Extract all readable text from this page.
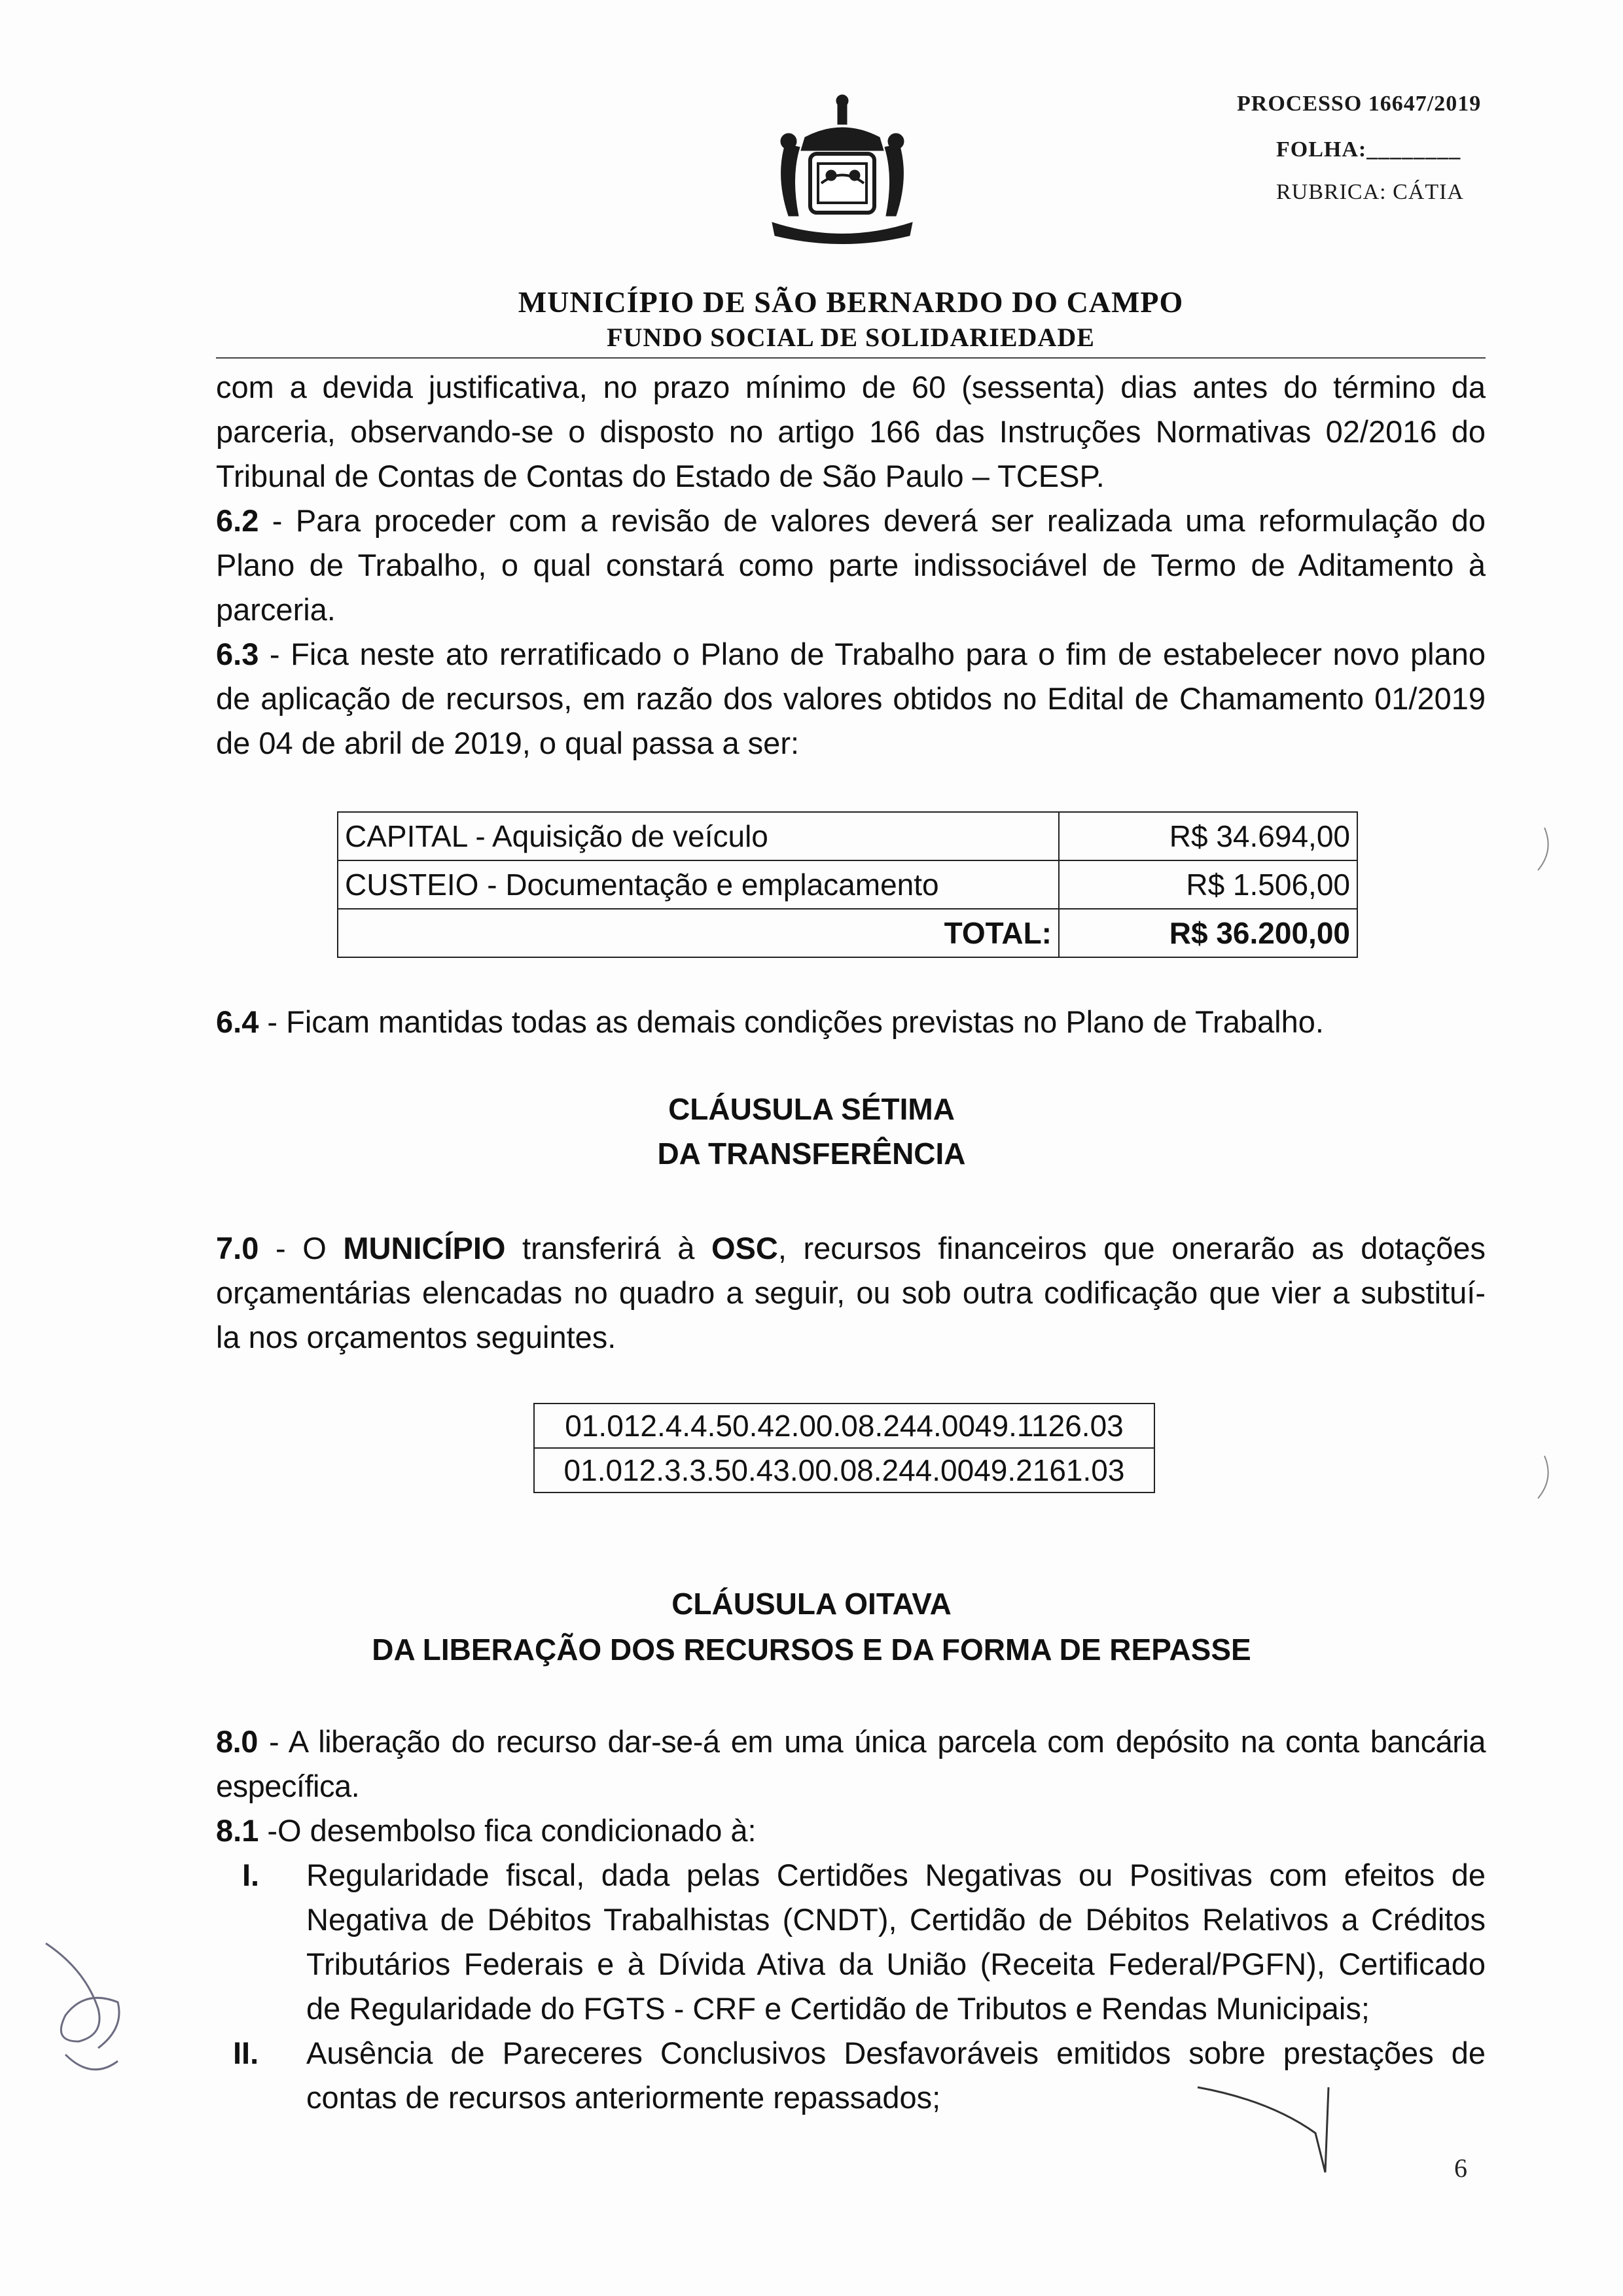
PROCESSO 16647/2019
FOLHA:________
RUBRICA: CÁTIA
MUNICÍPIO DE SÃO BERNARDO DO CAMPO
FUNDO SOCIAL DE SOLIDARIEDADE
com a devida justificativa, no prazo mínimo de 60 (sessenta) dias antes do término da
parceria, observando-se o disposto no artigo 166 das Instruções Normativas 02/2016 do
Tribunal de Contas de Contas do Estado de São Paulo – TCESP.
6.2 - Para proceder com a revisão de valores deverá ser realizada uma reformulação do
Plano de Trabalho, o qual constará como parte indissociável de Termo de Aditamento à
parceria.
6.3 - Fica neste ato rerratificado o Plano de Trabalho para o fim de estabelecer novo plano
de aplicação de recursos, em razão dos valores obtidos no Edital de Chamamento 01/2019
de 04 de abril de 2019, o qual passa a ser:
CAPITAL - Aquisição de veículo	R$ 34.694,00
CUSTEIO - Documentação e emplacamento	R$ 1.506,00
TOTAL:	R$ 36.200,00
6.4 - Ficam mantidas todas as demais condições previstas no Plano de Trabalho.
CLÁUSULA SÉTIMA
DA TRANSFERÊNCIA
7.0 - O MUNICÍPIO transferirá à OSC, recursos financeiros que onerarão as dotações
orçamentárias elencadas no quadro a seguir, ou sob outra codificação que vier a substituí-
la nos orçamentos seguintes.
01.012.4.4.50.42.00.08.244.0049.1126.03
01.012.3.3.50.43.00.08.244.0049.2161.03
CLÁUSULA OITAVA
DA LIBERAÇÃO DOS RECURSOS E DA FORMA DE REPASSE
8.0 - A liberação do recurso dar-se-á em uma única parcela com depósito na conta bancária
específica.
8.1 -O desembolso fica condicionado à:
I. Regularidade fiscal, dada pelas Certidões Negativas ou Positivas com efeitos de
Negativa de Débitos Trabalhistas (CNDT), Certidão de Débitos Relativos a Créditos
Tributários Federais e à Dívida Ativa da União (Receita Federal/PGFN), Certificado
de Regularidade do FGTS - CRF e Certidão de Tributos e Rendas Municipais;
II. Ausência de Pareceres Conclusivos Desfavoráveis emitidos sobre prestações de
contas de recursos anteriormente repassados;
6
